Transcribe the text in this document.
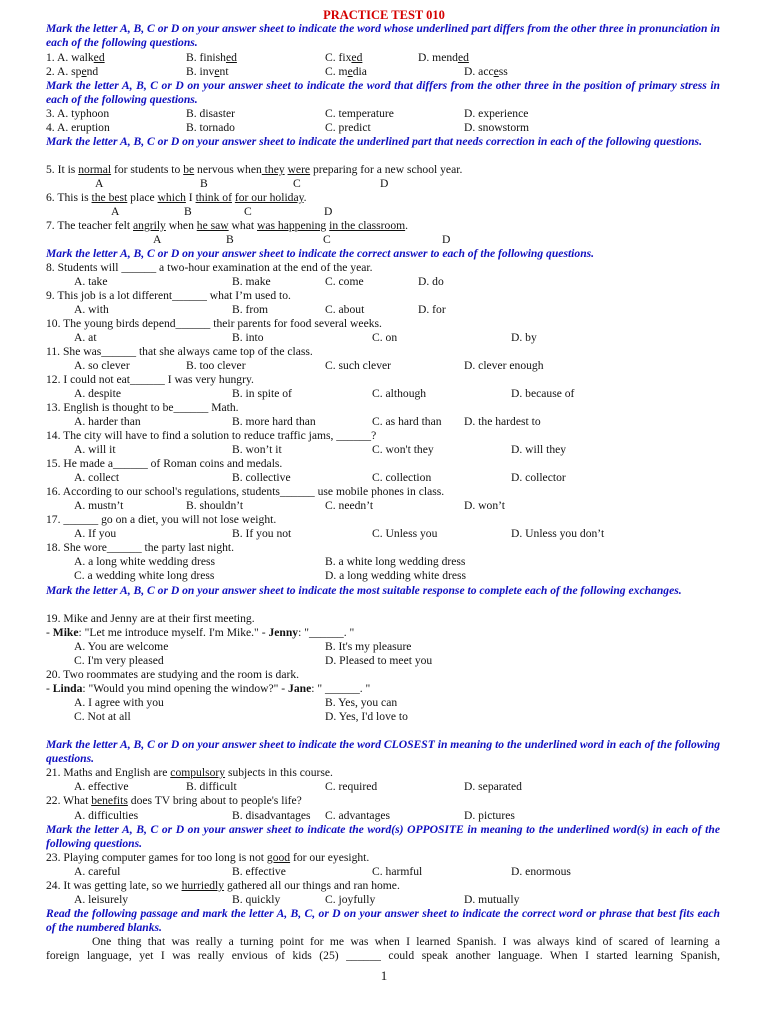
PRACTICE TEST 010
Mark the letter A, B, C or D on your answer sheet to indicate the word whose underlined part differs from the other three in pronunciation in each of the following questions.
1. A. walked	B. finished	C. fixed	D. mended
2. A. spend	B. invent	C. media	D. access
Mark the letter A, B, C or D on your answer sheet to indicate the word that differs from the other three in the position of primary stress in each of the following questions.
3. A. typhoon	B. disaster	C. temperature	D. experience
4. A. eruption	B. tornado	C. predict	D. snowstorm
Mark the letter A, B, C or D on your answer sheet to indicate the underlined part that needs correction in each of the following questions.
5. It is normal for students to be nervous when they were preparing for a new school year.
A	B	C	D
6. This is the best place which I think of for our holiday.
A	B	C	D
7. The teacher felt angrily when he saw what was happening in the classroom.
A	B	C	D
Mark the letter A, B, C or D on your answer sheet to indicate the correct answer to each of the following questions.
8. Students will ______ a two-hour examination at the end of the year.
A. take	B. make	C. come	D. do
9. This job is a lot different______ what I’m used to.
A. with	B. from	C. about	D. for
10. The young birds depend______ their parents for food several weeks.
A. at	B. into	C. on	D. by
11. She was______ that she always came top of the class.
A. so clever	B. too clever	C. such clever	D. clever enough
12. I could not eat______ I was very hungry.
A. despite	B. in spite of	C. although	D. because of
13. English is thought to be______ Math.
A. harder than	B. more hard than	C. as hard than D. the hardest to
14. The city will have to find a solution to reduce traffic jams, ______?
A. will it	B. won’t it	C. won't they	D. will they
15. He made a______ of Roman coins and medals.
A. collect	B. collective	C. collection	D. collector
16. According to our school's regulations, students______ use mobile phones in class.
A. mustn’t	B. shouldn’t	C. needn’t	D. won’t
17. ______ go on a diet, you will not lose weight.
A. If you	B. If you not	C. Unless you	D. Unless you don’t
18. She wore______ the party last night.
A. a long white wedding dress	B. a white long wedding dress
C. a wedding white long dress	D. a long wedding white dress
Mark the letter A, B, C or D on your answer sheet to indicate the most suitable response to complete each of the following exchanges.
19. Mike and Jenny are at their first meeting.
- Mike: "Let me introduce myself. I'm Mike." - Jenny: "______. "
A. You are welcome	B. It's my pleasure
C. I'm very pleased	D. Pleased to meet you
20. Two roommates are studying and the room is dark.
- Linda: "Would you mind opening the window?" - Jane: " ______. "
A. I agree with you	B. Yes, you can
C. Not at all	D. Yes, I'd love to
Mark the letter A, B, C or D on your answer sheet to indicate the word CLOSEST in meaning to the underlined word in each of the following questions.
21. Maths and English are compulsory subjects in this course.
A. effective	B. difficult	C. required	D. separated
22. What benefits does TV bring about to people's life?
A. difficulties	B. disadvantages C. advantages	D. pictures
Mark the letter A, B, C or D on your answer sheet to indicate the word(s) OPPOSITE in meaning to the underlined word(s) in each of the following questions.
23. Playing computer games for too long is not good for our eyesight.
A. careful	B. effective	C. harmful	D. enormous
24. It was getting late, so we hurriedly gathered all our things and ran home.
A. leisurely	B. quickly	C. joyfully	D. mutually
Read the following passage and mark the letter A, B, C, or D on your answer sheet to indicate the correct word or phrase that best fits each of the numbered blanks.
One thing that was really a turning point for me was when I learned Spanish. I was always kind of scared of learning a
foreign language, yet I was really envious of kids (25) ______ could speak another language. When I started learning Spanish,
1
